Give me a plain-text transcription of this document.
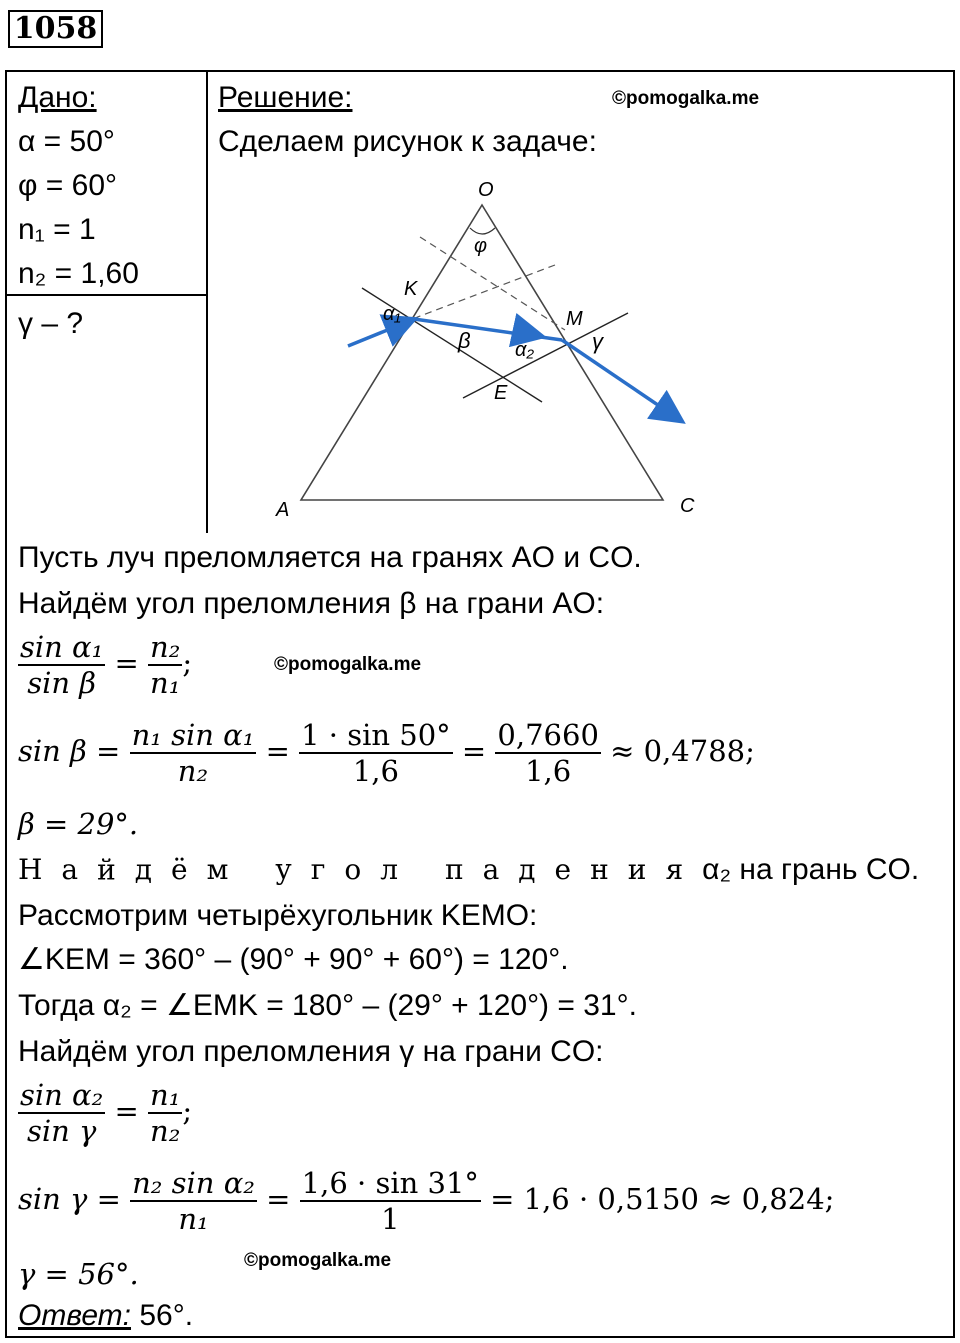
1058
Дано:
α = 50°
φ = 60°
n₁ = 1
n₂ = 1,60
γ – ?
Решение:	©pomogalka.me
Сделаем рисунок к задаче:
O
A	C
K
M
E
φ
α₁
β α₂	γ
Пусть луч преломляется на гранях AO и CO.
Найдём угол преломления β на грани AO:
$\frac{\text{sin α₁}}{\text{sin β}} = \frac{\text{n₂}}{\text{n₁}}$ ;	©pomogalka.me
$\sin \beta = \frac{\text{n₁ sin α₁}}{\text{n₂}} = \frac{1 \cdot \sin 50^\circ}{1,6} = \frac{0,7660}{1,6} \approx 0,4788$;
β = 29°.
Найдём угол паденияα₂ на грань CO.
Рассмотрим четырёхугольник KEMO:
∠KEM = 360° – (90° + 90° + 60°) = 120°.
Тогда α₂ = ∠EMK = 180° – (29° + 120°) = 31°.
Найдём угол преломления γ на грани CO:
$\frac{\text{sin α₂}}{\text{sin γ}} = \frac{\text{n₁}}{\text{n₂}}$ ;
$\sin \gamma = \frac{\text{n₂ sin α₂}}{\text{n₁}} = \frac{1,6 \cdot \sin 31^\circ}{1} = 1,6 \cdot 0,5150 \approx 0,824$;
γ = 56°.	©pomogalka.me
Ответ: 56°.
